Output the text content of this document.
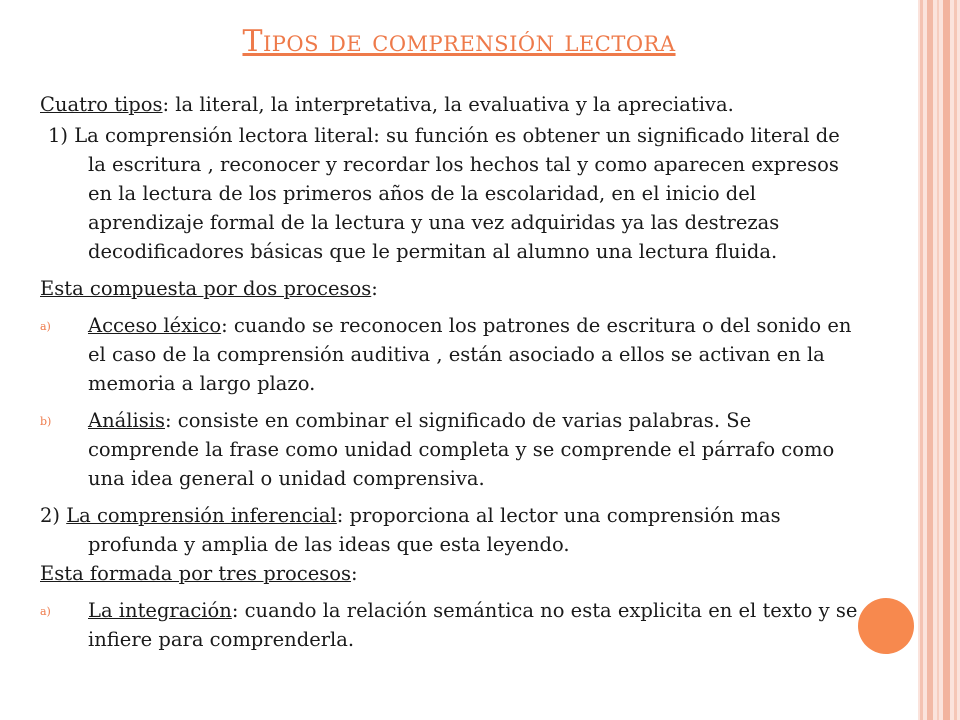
Tipos de comprensión lectora

Cuatro tipos: la literal, la interpretativa, la evaluativa y la apreciativa.

1) La comprensión lectora literal: su función es obtener un significado literal de la escritura , reconocer y recordar los hechos tal y como aparecen expresos en la lectura de los primeros años de la escolaridad, en el inicio del aprendizaje formal de la lectura y una vez adquiridas ya las destrezas decodificadores básicas que le permitan al alumno una lectura fluida.

Esta compuesta por dos procesos:

a) Acceso léxico: cuando se reconocen los patrones de escritura o del sonido en el caso de la comprensión auditiva , están asociado a ellos se activan en la memoria a largo plazo.

b) Análisis: consiste en combinar el significado de varias palabras. Se comprende la frase como unidad completa y se comprende el párrafo como una idea general o unidad comprensiva.

2) La comprensión inferencial: proporciona al lector una comprensión mas profunda y amplia de las ideas que esta leyendo.

Esta formada por tres procesos:

a) La integración: cuando la relación semántica no esta explicita en el texto y se infiere para comprenderla.
